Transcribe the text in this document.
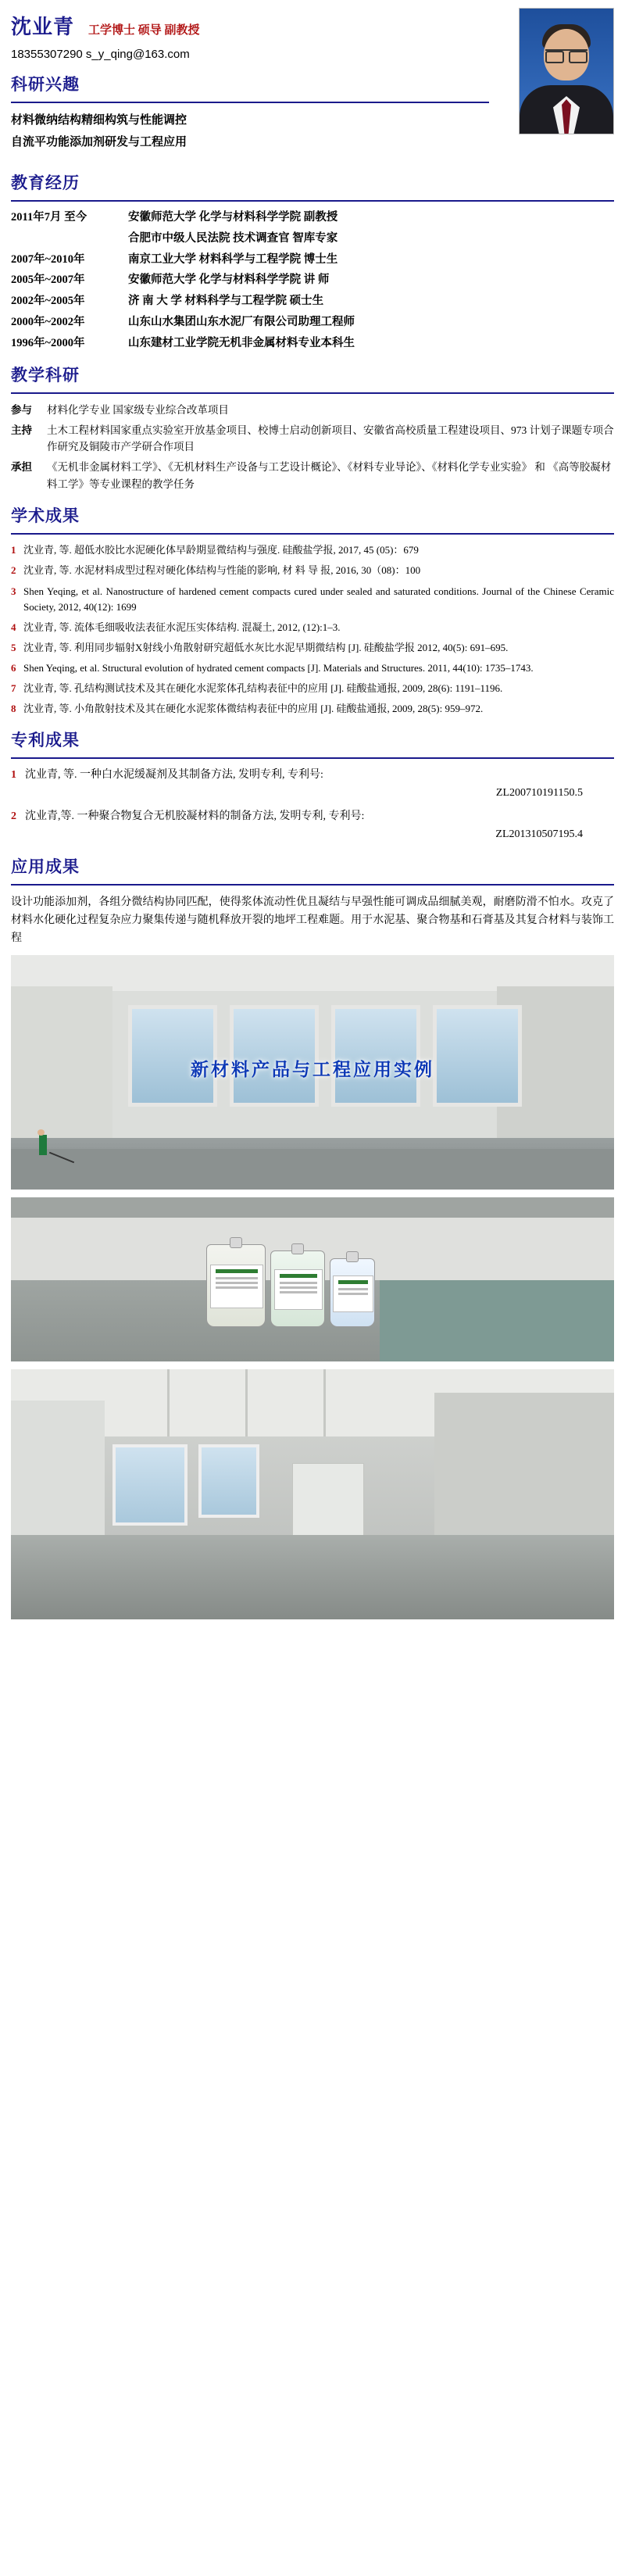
沈业青 工学博士 硕导 副教授
18355307290 s_y_qing@163.com
科研兴趣
材料微纳结构精细构筑与性能调控
自流平功能添加剂研发与工程应用
教育经历
2011年7月 至今	安徽师范大学 化学与材料科学学院 副教授
合肥市中级人民法院 技术调查官 智库专家
2007年~2010年	南京工业大学 材料科学与工程学院 博士生
2005年~2007年	安徽师范大学 化学与材料科学学院 讲 师
2002年~2005年	济 南 大 学 材料科学与工程学院 硕士生
2000年~2002年	山东山水集团山东水泥厂有限公司助理工程师
1996年~2000年	山东建材工业学院无机非金属材料专业本科生
教学科研
参与	材料化学专业 国家级专业综合改革项目
主持	土木工程材料国家重点实验室开放基金项目、校博士启动创新项目、安徽省高校质量工程建设项目、973 计划子课题专项合作研究及铜陵市产学研合作项目
承担	《无机非金属材料工学》、《无机材料生产设备与工艺设计概论》、《材料专业导论》、《材料化学专业实验》 和 《高等胶凝材料工学》等专业课程的教学任务
学术成果
1 沈业青, 等. 超低水胶比水泥硬化体早龄期显微结构与强度. 硅酸盐学报, 2017, 45 (05)：679
2 沈业青, 等. 水泥材料成型过程对硬化体结构与性能的影响, 材 料 导 报, 2016, 30（08)：100
3 Shen Yeqing, et al. Nanostructure of hardened cement compacts cured under sealed and saturated conditions. Journal of the Chinese Ceramic Society, 2012, 40(12): 1699
4 沈业青, 等. 流体毛细吸收法表征水泥压实体结构. 混凝土, 2012, (12):1–3.
5 沈业青, 等. 利用同步辐射X射线小角散射研究超低水灰比水泥早期微结构 [J]. 硅酸盐学报 2012, 40(5): 691–695.
6 Shen Yeqing, et al. Structural evolution of hydrated cement compacts [J]. Materials and Structures. 2011, 44(10): 1735–1743.
7 沈业青, 等. 孔结构测试技术及其在硬化水泥浆体孔结构表征中的应用 [J]. 硅酸盐通报, 2009, 28(6): 1191–1196.
8 沈业青, 等. 小角散射技术及其在硬化水泥浆体微结构表征中的应用 [J]. 硅酸盐通报, 2009, 28(5): 959–972.
专利成果
1 沈业青, 等. 一种白水泥缓凝剂及其制备方法, 发明专利, 专利号:
ZL200710191150.5
2 沈业青,等. 一种聚合物复合无机胶凝材料的制备方法, 发明专利, 专利号:
ZL201310507195.4
应用成果
设计功能添加剂，各组分微结构协同匹配，使得浆体流动性优且凝结与早强性能可调成品细腻美观，耐磨防滑不怕水。攻克了材料水化硬化过程复杂应力聚集传递与随机释放开裂的地坪工程难题。用于水泥基、聚合物基和石膏基及其复合材料与装饰工程
新材料产品与工程应用实例
